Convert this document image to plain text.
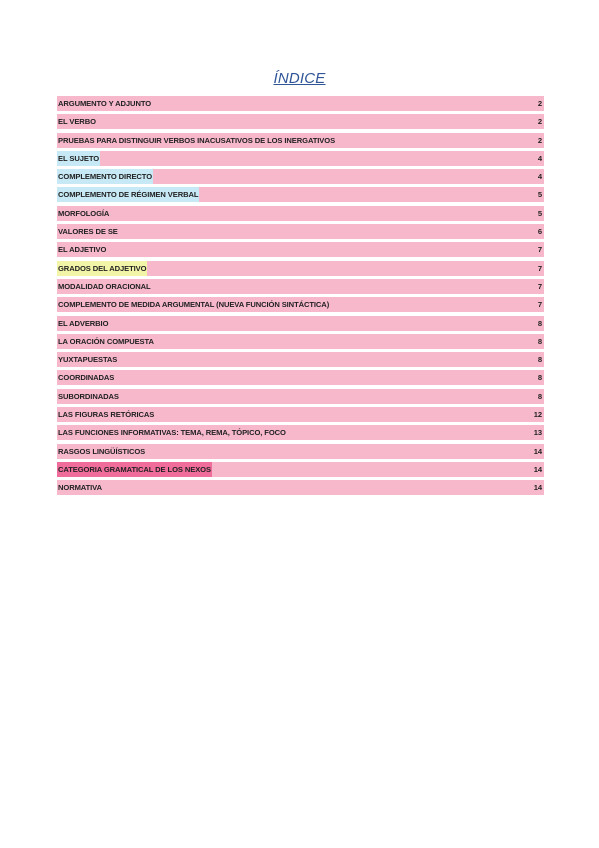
ÍNDICE
ARGUMENTO Y ADJUNTO	2
EL VERBO	2
PRUEBAS PARA DISTINGUIR VERBOS INACUSATIVOS DE LOS INERGATIVOS	2
EL SUJETO	4
COMPLEMENTO DIRECTO	4
COMPLEMENTO DE RÉGIMEN VERBAL	5
MORFOLOGÍA	5
VALORES DE SE	6
EL ADJETIVO	7
GRADOS DEL ADJETIVO	7
MODALIDAD ORACIONAL	7
COMPLEMENTO DE MEDIDA ARGUMENTAL (NUEVA FUNCIÓN SINTÁCTICA)	7
EL ADVERBIO	8
LA ORACIÓN COMPUESTA	8
YUXTAPUESTAS	8
COORDINADAS	8
SUBORDINADAS	8
LAS FIGURAS RETÓRICAS	12
LAS FUNCIONES INFORMATIVAS: TEMA, REMA, TÓPICO, FOCO	13
RASGOS LINGÜÍSTICOS	14
CATEGORIA GRAMATICAL DE LOS NEXOS	14
NORMATIVA	14
